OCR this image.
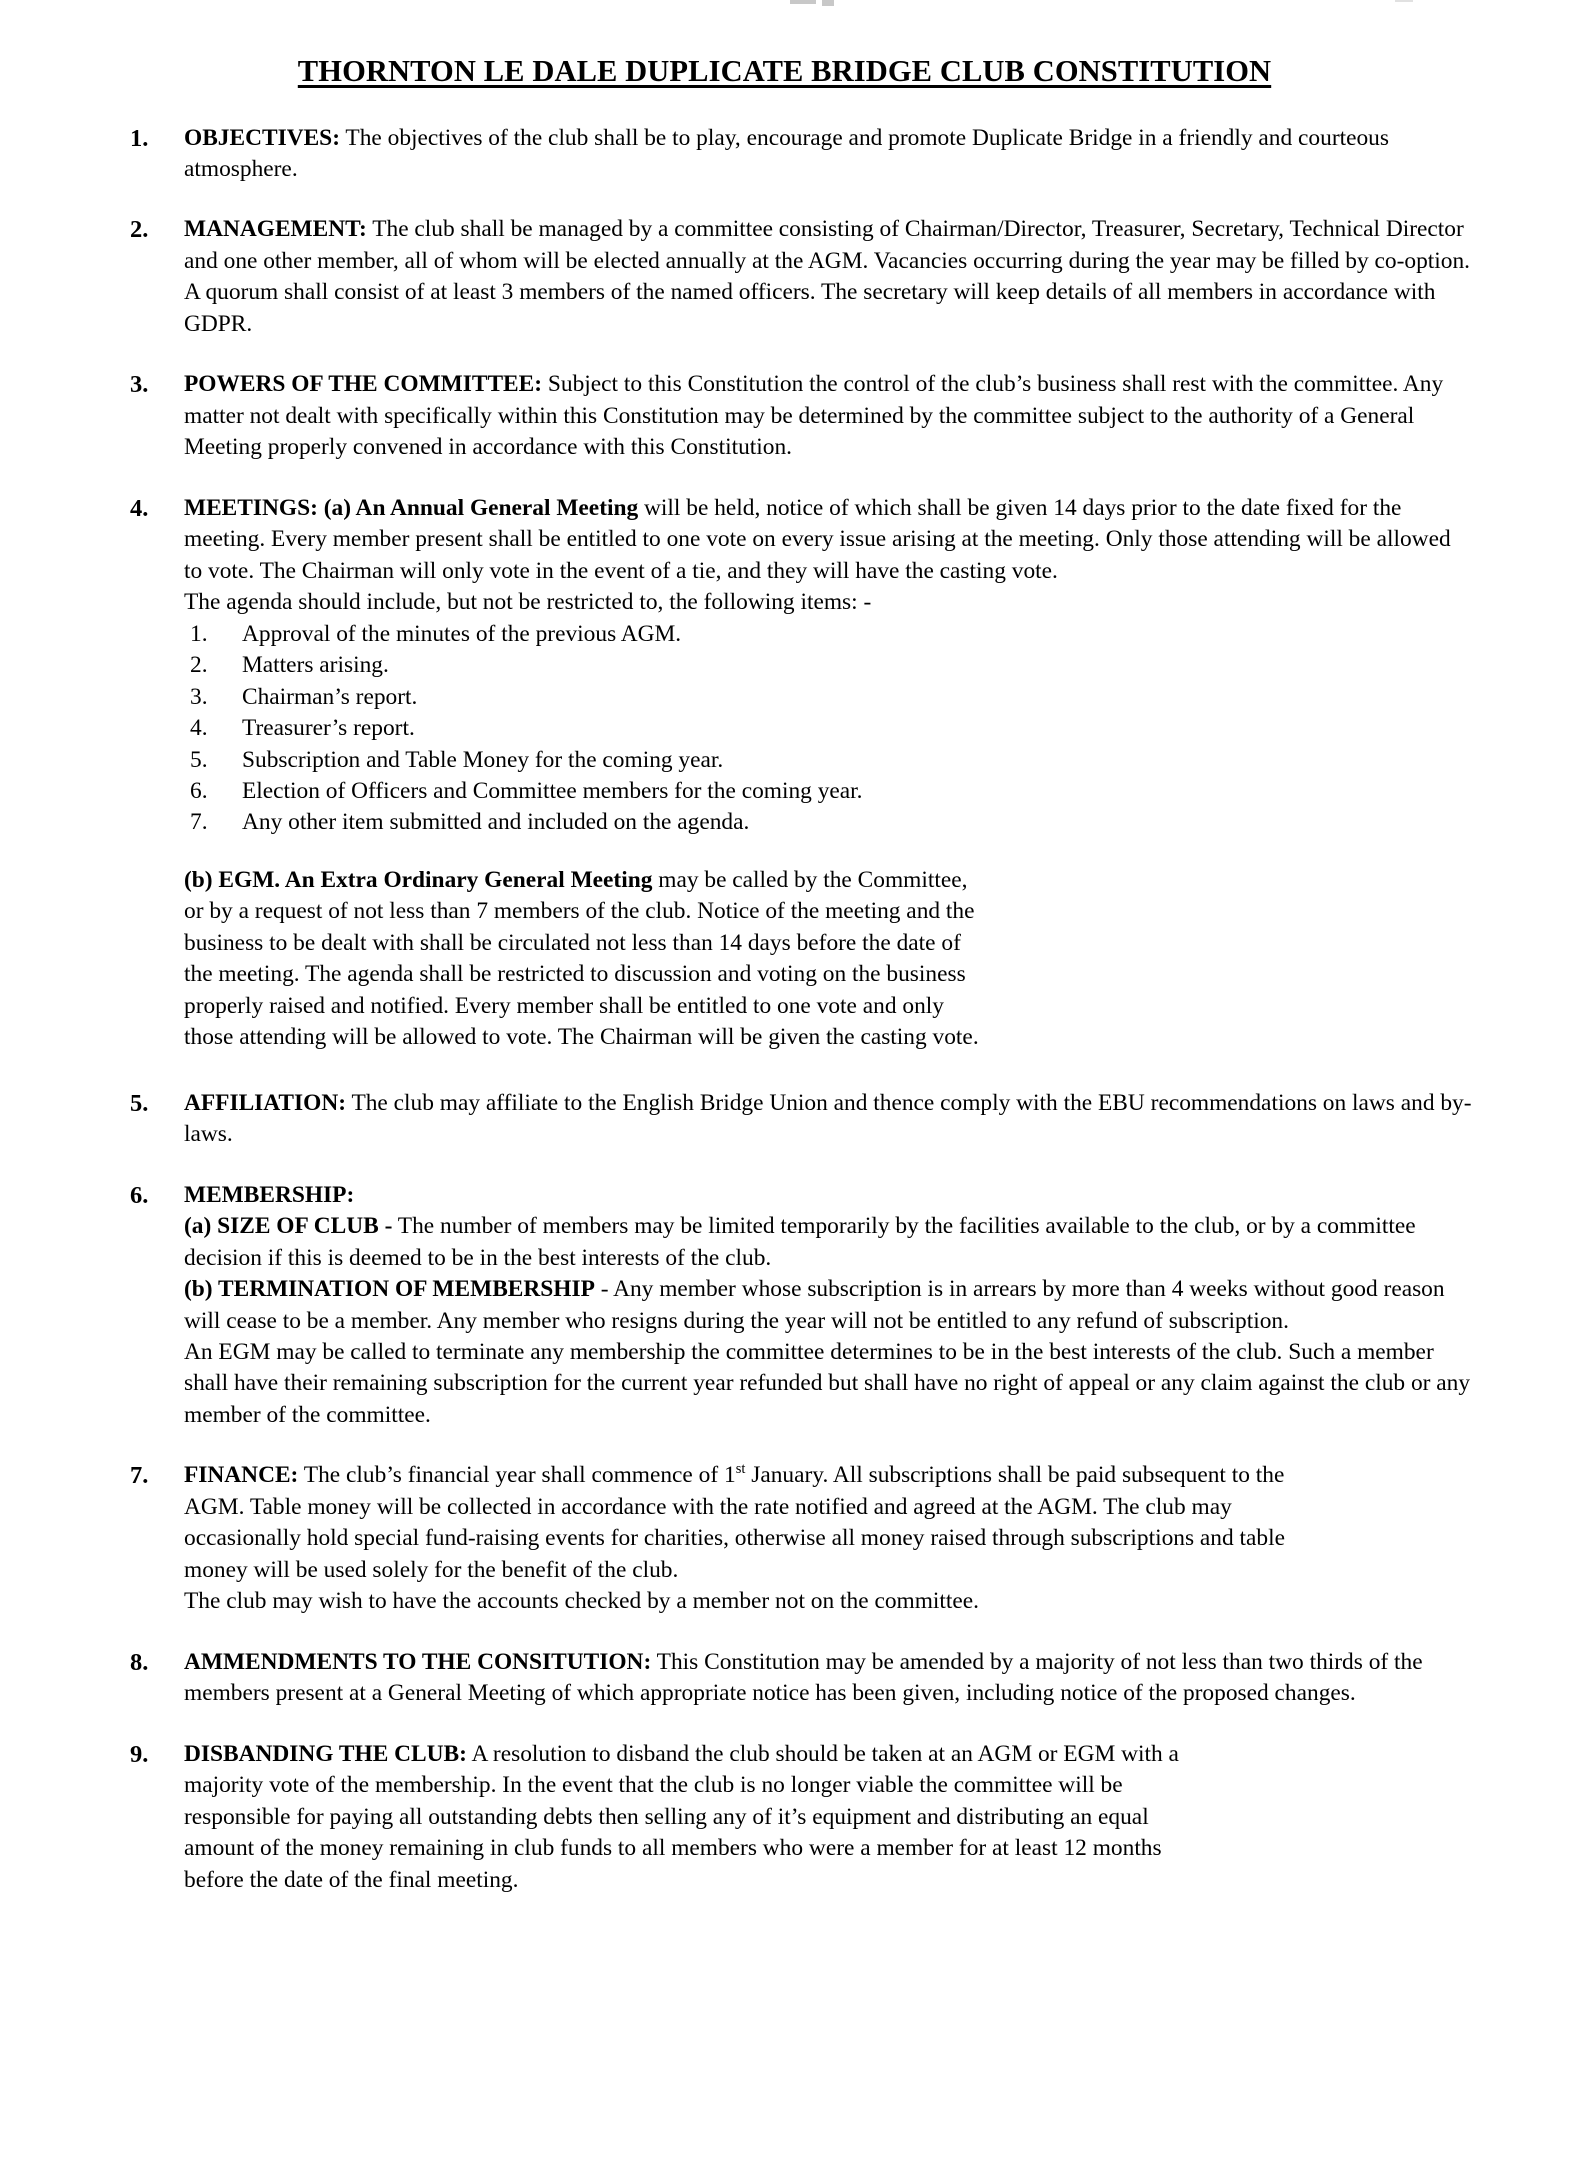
THORNTON LE DALE DUPLICATE BRIDGE CLUB CONSTITUTION
1.	OBJECTIVES: The objectives of the club shall be to play, encourage and promote Duplicate Bridge in a friendly and courteous atmosphere.

2.	MANAGEMENT: The club shall be managed by a committee consisting of Chairman/Director, Treasurer, Secretary, Technical Director and one other member, all of whom will be elected annually at the AGM. Vacancies occurring during the year may be filled by co-option. A quorum shall consist of at least 3 members of the named officers. The secretary will keep details of all members in accordance with GDPR.

3.	POWERS OF THE COMMITTEE: Subject to this Constitution the control of the club’s business shall rest with the committee. Any matter not dealt with specifically within this Constitution may be determined by the committee subject to the authority of a General Meeting properly convened in accordance with this Constitution.

4.	MEETINGS: (a) An Annual General Meeting will be held, notice of which shall be given 14 days prior to the date fixed for the meeting. Every member present shall be entitled to one vote on every issue arising at the meeting. Only those attending will be allowed to vote. The Chairman will only vote in the event of a tie, and they will have the casting vote.

The agenda should include, but not be restricted to, the following items: -

1.	Approval of the minutes of the previous AGM.
2.	Matters arising.
3.	Chairman’s report.
4.	Treasurer’s report.
5.	Subscription and Table Money for the coming year.
6.	Election of Officers and Committee members for the coming year.
7.	Any other item submitted and included on the agenda.

(b) EGM. An Extra Ordinary General Meeting may be called by the Committee, or by a request of not less than 7 members of the club. Notice of the meeting and the business to be dealt with shall be circulated not less than 14 days before the date of the meeting. The agenda shall be restricted to discussion and voting on the business properly raised and notified. Every member shall be entitled to one vote and only those attending will be allowed to vote. The Chairman will be given the casting vote.

5.	AFFILIATION: The club may affiliate to the English Bridge Union and thence comply with the EBU recommendations on laws and by-laws.

6.	MEMBERSHIP:

(a) SIZE OF CLUB - The number of members may be limited temporarily by the facilities available to the club, or by a committee decision if this is deemed to be in the best interests of the club.

(b) TERMINATION OF MEMBERSHIP - Any member whose subscription is in arrears by more than 4 weeks without good reason will cease to be a member. Any member who resigns during the year will not be entitled to any refund of subscription.

An EGM may be called to terminate any membership the committee determines to be in the best interests of the club. Such a member shall have their remaining subscription for the current year refunded but shall have no right of appeal or any claim against the club or any member of the committee.

7.	FINANCE: The club’s financial year shall commence of 1st January. All subscriptions shall be paid subsequent to the AGM. Table money will be collected in accordance with the rate notified and agreed at the AGM. The club may occasionally hold special fund-raising events for charities, otherwise all money raised through subscriptions and table money will be used solely for the benefit of the club.

The club may wish to have the accounts checked by a member not on the committee.

8.	AMMENDMENTS TO THE CONSITUTION: This Constitution may be amended by a majority of not less than two thirds of the members present at a General Meeting of which appropriate notice has been given, including notice of the proposed changes.

9.	DISBANDING THE CLUB: A resolution to disband the club should be taken at an AGM or EGM with a majority vote of the membership. In the event that the club is no longer viable the committee will be responsible for paying all outstanding debts then selling any of it’s equipment and distributing an equal amount of the money remaining in club funds to all members who were a member for at least 12 months before the date of the final meeting.
